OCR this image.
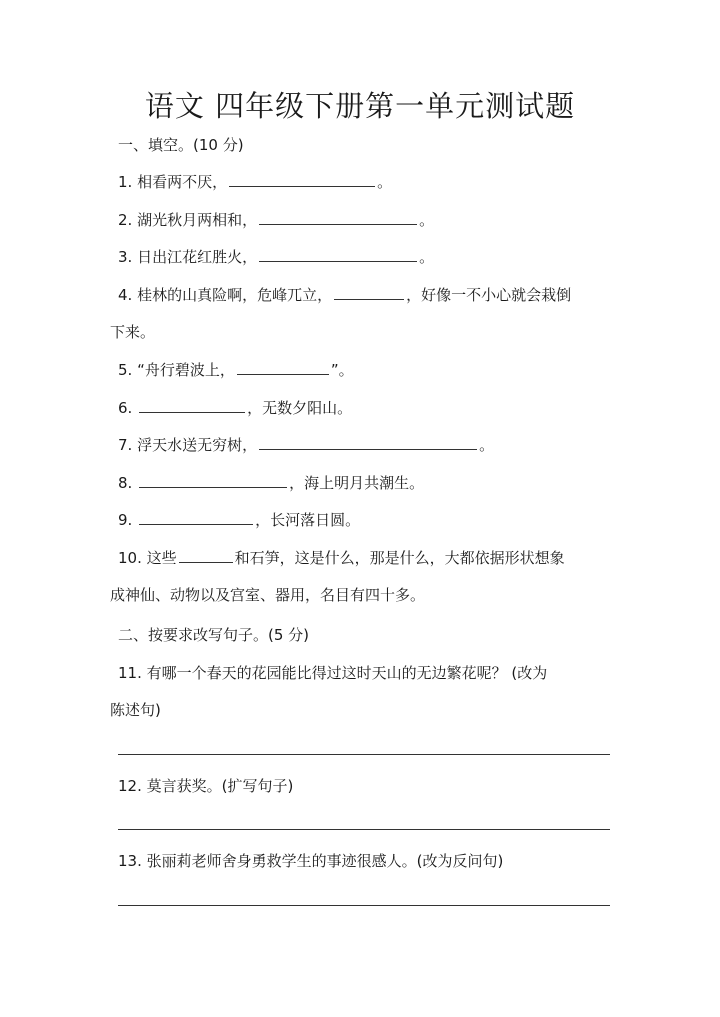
语文 四年级下册第一单元测试题
一、填空。(10 分)
1. 相看两不厌，	。
2. 湖光秋月两相和，	。
3. 日出江花红胜火，	。
4. 桂林的山真险啊，危峰兀立，	，好像一不小心就会栽倒
下来。
5. “舟行碧波上，	”。
6.	，无数夕阳山。
7. 浮天水送无穷树，	。
8.	，海上明月共潮生。
9.	，长河落日圆。
10. 这些	和石笋，这是什么，那是什么，大都依据形状想象
成神仙、动物以及宫室、器用，名目有四十多。
二、按要求改写句子。(5 分)
11. 有哪一个春天的花园能比得过这时天山的无边繁花呢？ (改为
陈述句)
12. 莫言获奖。(扩写句子)
13. 张丽莉老师舍身勇救学生的事迹很感人。(改为反问句)
